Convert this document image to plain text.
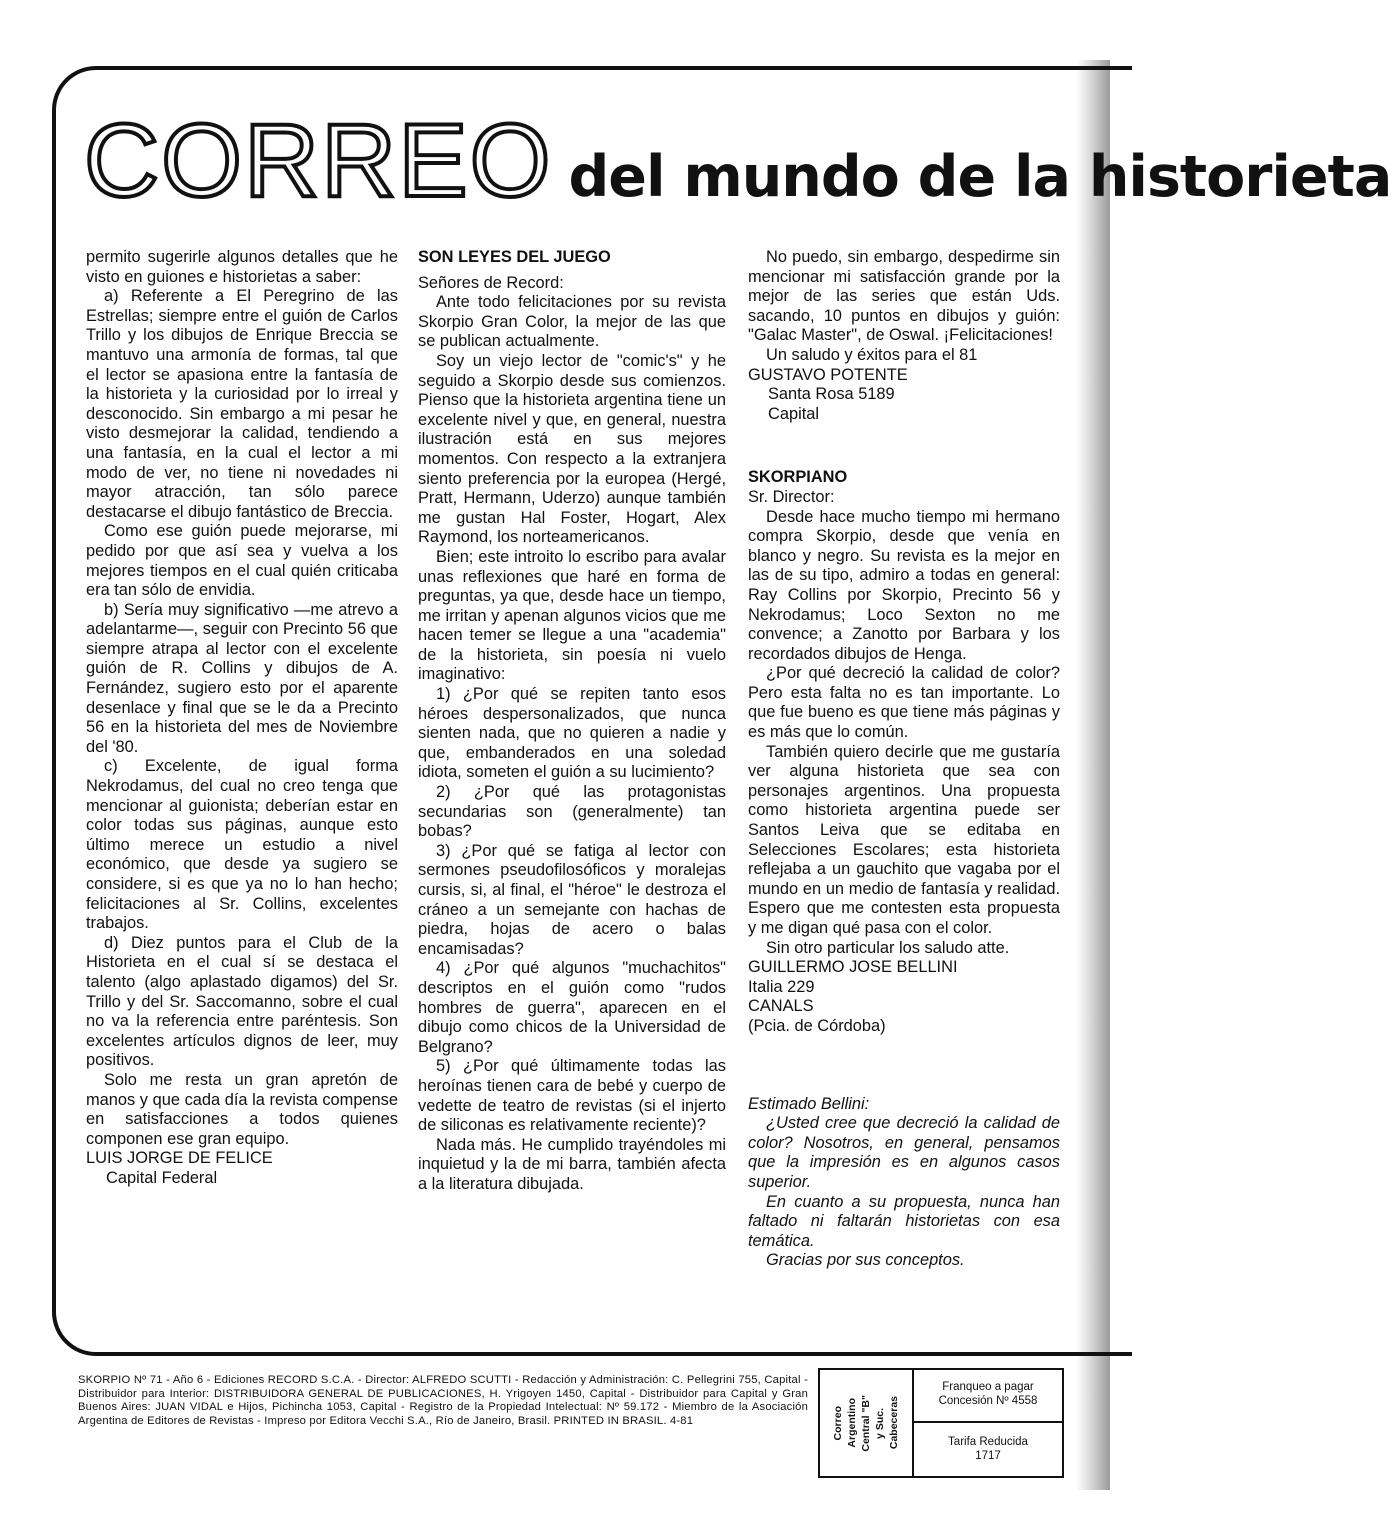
CORREO del mundo de la historieta

permito sugerirle algunos detalles que he visto en guiones e historietas a saber:

a) Referente a El Peregrino de las Estrellas; siempre entre el guión de Carlos Trillo y los dibujos de Enrique Breccia se mantuvo una armonía de formas, tal que el lector se apasiona entre la fantasía de la historieta y la curiosidad por lo irreal y desconocido. Sin embargo a mi pesar he visto desmejorar la calidad, tendiendo a una fantasía, en la cual el lector a mi modo de ver, no tiene ni novedades ni mayor atracción, tan sólo parece destacarse el dibujo fantástico de Breccia.

Como ese guión puede mejorarse, mi pedido por que así sea y vuelva a los mejores tiempos en el cual quién criticaba era tan sólo de envidia.

b) Sería muy significativo —me atrevo a adelantarme—, seguir con Precinto 56 que siempre atrapa al lector con el excelente guión de R. Collins y dibujos de A. Fernández, sugiero esto por el aparente desenlace y final que se le da a Precinto 56 en la historieta del mes de Noviembre del '80.

c) Excelente, de igual forma Nekrodamus, del cual no creo tenga que mencionar al guionista; deberían estar en color todas sus páginas, aunque esto último merece un estudio a nivel económico, que desde ya sugiero se considere, si es que ya no lo han hecho; felicitaciones al Sr. Collins, excelentes trabajos.

d) Diez puntos para el Club de la Historieta en el cual sí se destaca el talento (algo aplastado digamos) del Sr. Trillo y del Sr. Saccomanno, sobre el cual no va la referencia entre paréntesis. Son excelentes artículos dignos de leer, muy positivos.

Solo me resta un gran apretón de manos y que cada día la revista compense en satisfacciones a todos quienes componen ese gran equipo.

LUIS JORGE DE FELICE

Capital Federal

SON LEYES DEL JUEGO

Señores de Record:

Ante todo felicitaciones por su revista Skorpio Gran Color, la mejor de las que se publican actualmente.

Soy un viejo lector de "comic's" y he seguido a Skorpio desde sus comienzos. Pienso que la historieta argentina tiene un excelente nivel y que, en general, nuestra ilustración está en sus mejores momentos. Con respecto a la extranjera siento preferencia por la europea (Hergé, Pratt, Hermann, Uderzo) aunque también me gustan Hal Foster, Hogart, Alex Raymond, los norteamericanos.

Bien; este introito lo escribo para avalar unas reflexiones que haré en forma de preguntas, ya que, desde hace un tiempo, me irritan y apenan algunos vicios que me hacen temer se llegue a una "academia" de la historieta, sin poesía ni vuelo imaginativo:

1) ¿Por qué se repiten tanto esos héroes despersonalizados, que nunca sienten nada, que no quieren a nadie y que, embanderados en una soledad idiota, someten el guión a su lucimiento?

2) ¿Por qué las protagonistas secundarias son (generalmente) tan bobas?

3) ¿Por qué se fatiga al lector con sermones pseudofilosóficos y moralejas cursis, si, al final, el "héroe" le destroza el cráneo a un semejante con hachas de piedra, hojas de acero o balas encamisadas?

4) ¿Por qué algunos "muchachitos" descriptos en el guión como "rudos hombres de guerra", aparecen en el dibujo como chicos de la Universidad de Belgrano?

5) ¿Por qué últimamente todas las heroínas tienen cara de bebé y cuerpo de vedette de teatro de revistas (si el injerto de siliconas es relativamente reciente)?

Nada más. He cumplido trayéndoles mi inquietud y la de mi barra, también afecta a la literatura dibujada.

No puedo, sin embargo, despedirme sin mencionar mi satisfacción grande por la mejor de las series que están Uds. sacando, 10 puntos en dibujos y guión: "Galac Master", de Oswal. ¡Felicitaciones!

Un saludo y éxitos para el 81

GUSTAVO POTENTE

Santa Rosa 5189

Capital

SKORPIANO

Sr. Director:

Desde hace mucho tiempo mi hermano compra Skorpio, desde que venía en blanco y negro. Su revista es la mejor en las de su tipo, admiro a todas en general: Ray Collins por Skorpio, Precinto 56 y Nekrodamus; Loco Sexton no me convence; a Zanotto por Barbara y los recordados dibujos de Henga.

¿Por qué decreció la calidad de color? Pero esta falta no es tan importante. Lo que fue bueno es que tiene más páginas y es más que lo común.

También quiero decirle que me gustaría ver alguna historieta que sea con personajes argentinos. Una propuesta como historieta argentina puede ser Santos Leiva que se editaba en Selecciones Escolares; esta historieta reflejaba a un gauchito que vagaba por el mundo en un medio de fantasía y realidad. Espero que me contesten esta propuesta y me digan qué pasa con el color.

Sin otro particular los saludo atte.

GUILLERMO JOSE BELLINI

Italia 229

CANALS

(Pcia. de Córdoba)

Estimado Bellini:

¿Usted cree que decreció la calidad de color? Nosotros, en general, pensamos que la impresión es en algunos casos superior.

En cuanto a su propuesta, nunca han faltado ni faltarán historietas con esa temática.

Gracias por sus conceptos.

SKORPIO Nº 71 - Año 6 - Ediciones RECORD S.C.A. - Director: ALFREDO SCUTTI - Redacción y Administración: C. Pellegrini 755, Capital - Distribuidor para Interior: DISTRIBUIDORA GENERAL DE PUBLICACIONES, H. Yrigoyen 1450, Capital - Distribuidor para Capital y Gran Buenos Aires: JUAN VIDAL e Hijos, Pichincha 1053, Capital - Registro de la Propiedad Intelectual: Nº 59.172 - Miembro de la Asociación Argentina de Editores de Revistas - Impreso por Editora Vecchi S.A., Río de Janeiro, Brasil. PRINTED IN BRASIL. 4-81	Correo Argentino Central "B" y Suc. Cabeceras
Franqueo a pagar
Concesión Nº 4558
Tarifa Reducida
1717
